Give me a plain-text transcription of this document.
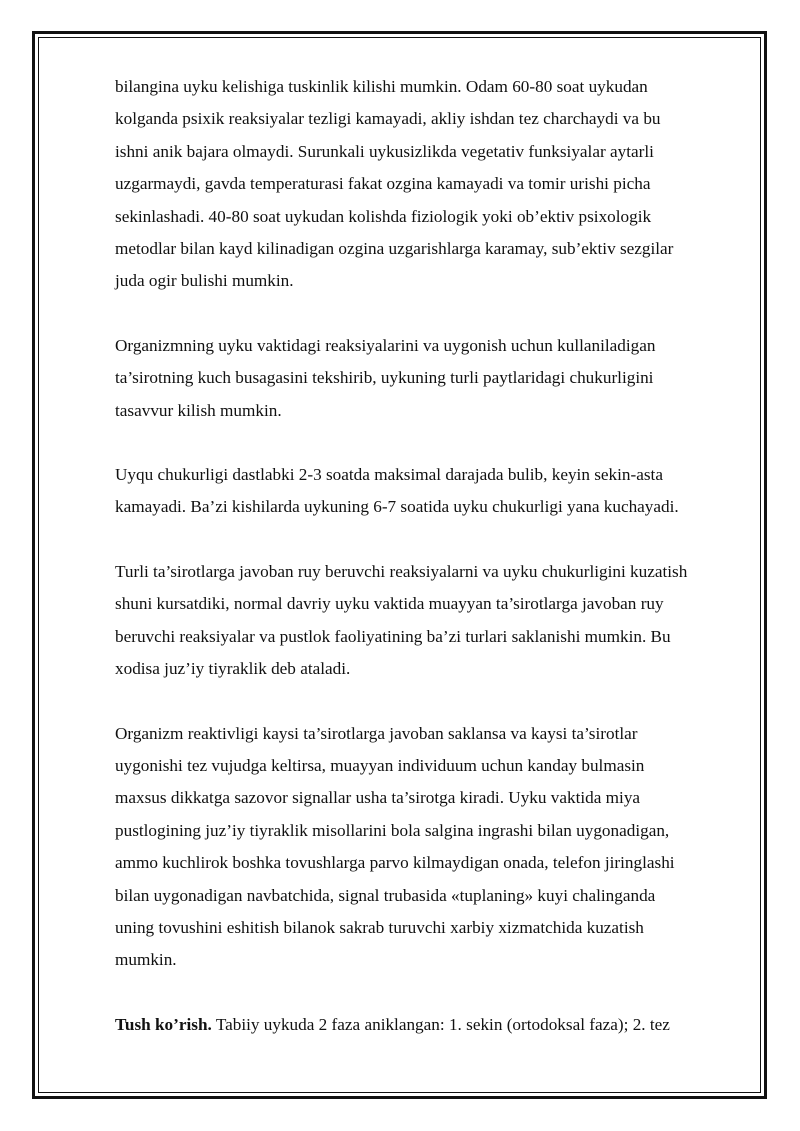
bilangina uyku kelishiga tuskinlik kilishi mumkin. Odam 60-80 soat uykudan
kolganda psixik reaksiyalar tezligi kamayadi, akliy ishdan tez charchaydi va bu
ishni anik bajara olmaydi. Surunkali uykusizlikda vegetativ funksiyalar aytarli
uzgarmaydi, gavda temperaturasi fakat ozgina kamayadi va tomir urishi picha
sekinlashadi. 40-80 soat uykudan kolishda fiziologik yoki ob’ektiv psixologik
metodlar bilan kayd kilinadigan ozgina uzgarishlarga karamay, sub’ektiv sezgilar
juda ogir bulishi mumkin.

Organizmning uyku vaktidagi reaksiyalarini va uygonish uchun kullaniladigan
ta’sirotning kuch busagasini tekshirib, uykuning turli paytlaridagi chukurligini
tasavvur kilish mumkin.

Uyqu chukurligi dastlabki 2-3 soatda maksimal darajada bulib, keyin sekin-asta
kamayadi. Ba’zi kishilarda uykuning 6-7 soatida uyku chukurligi yana kuchayadi.

Turli ta’sirotlarga javoban ruy beruvchi reaksiyalarni va uyku chukurligini kuzatish
shuni kursatdiki, normal davriy uyku vaktida muayyan ta’sirotlarga javoban ruy
beruvchi reaksiyalar va pustlok faoliyatining ba’zi turlari saklanishi mumkin. Bu
xodisa juz’iy tiyraklik deb ataladi.

Organizm reaktivligi kaysi ta’sirotlarga javoban saklansa va kaysi ta’sirotlar
uygonishi tez vujudga keltirsa, muayyan individuum uchun kanday bulmasin
maxsus dikkatga sazovor signallar usha ta’sirotga kiradi. Uyku vaktida miya
pustlogining juz’iy tiyraklik misollarini bola salgina ingrashi bilan uygonadigan,
ammo kuchlirok boshka tovushlarga parvo kilmaydigan onada, telefon jiringlashi
bilan uygonadigan navbatchida, signal trubasida «tuplaning» kuyi chalinganda
uning tovushini eshitish bilanok sakrab turuvchi xarbiy xizmatchida kuzatish
mumkin.

Tush ko’rish. Tabiiy uykuda 2 faza aniklangan: 1. sekin (ortodoksal faza); 2. tez
